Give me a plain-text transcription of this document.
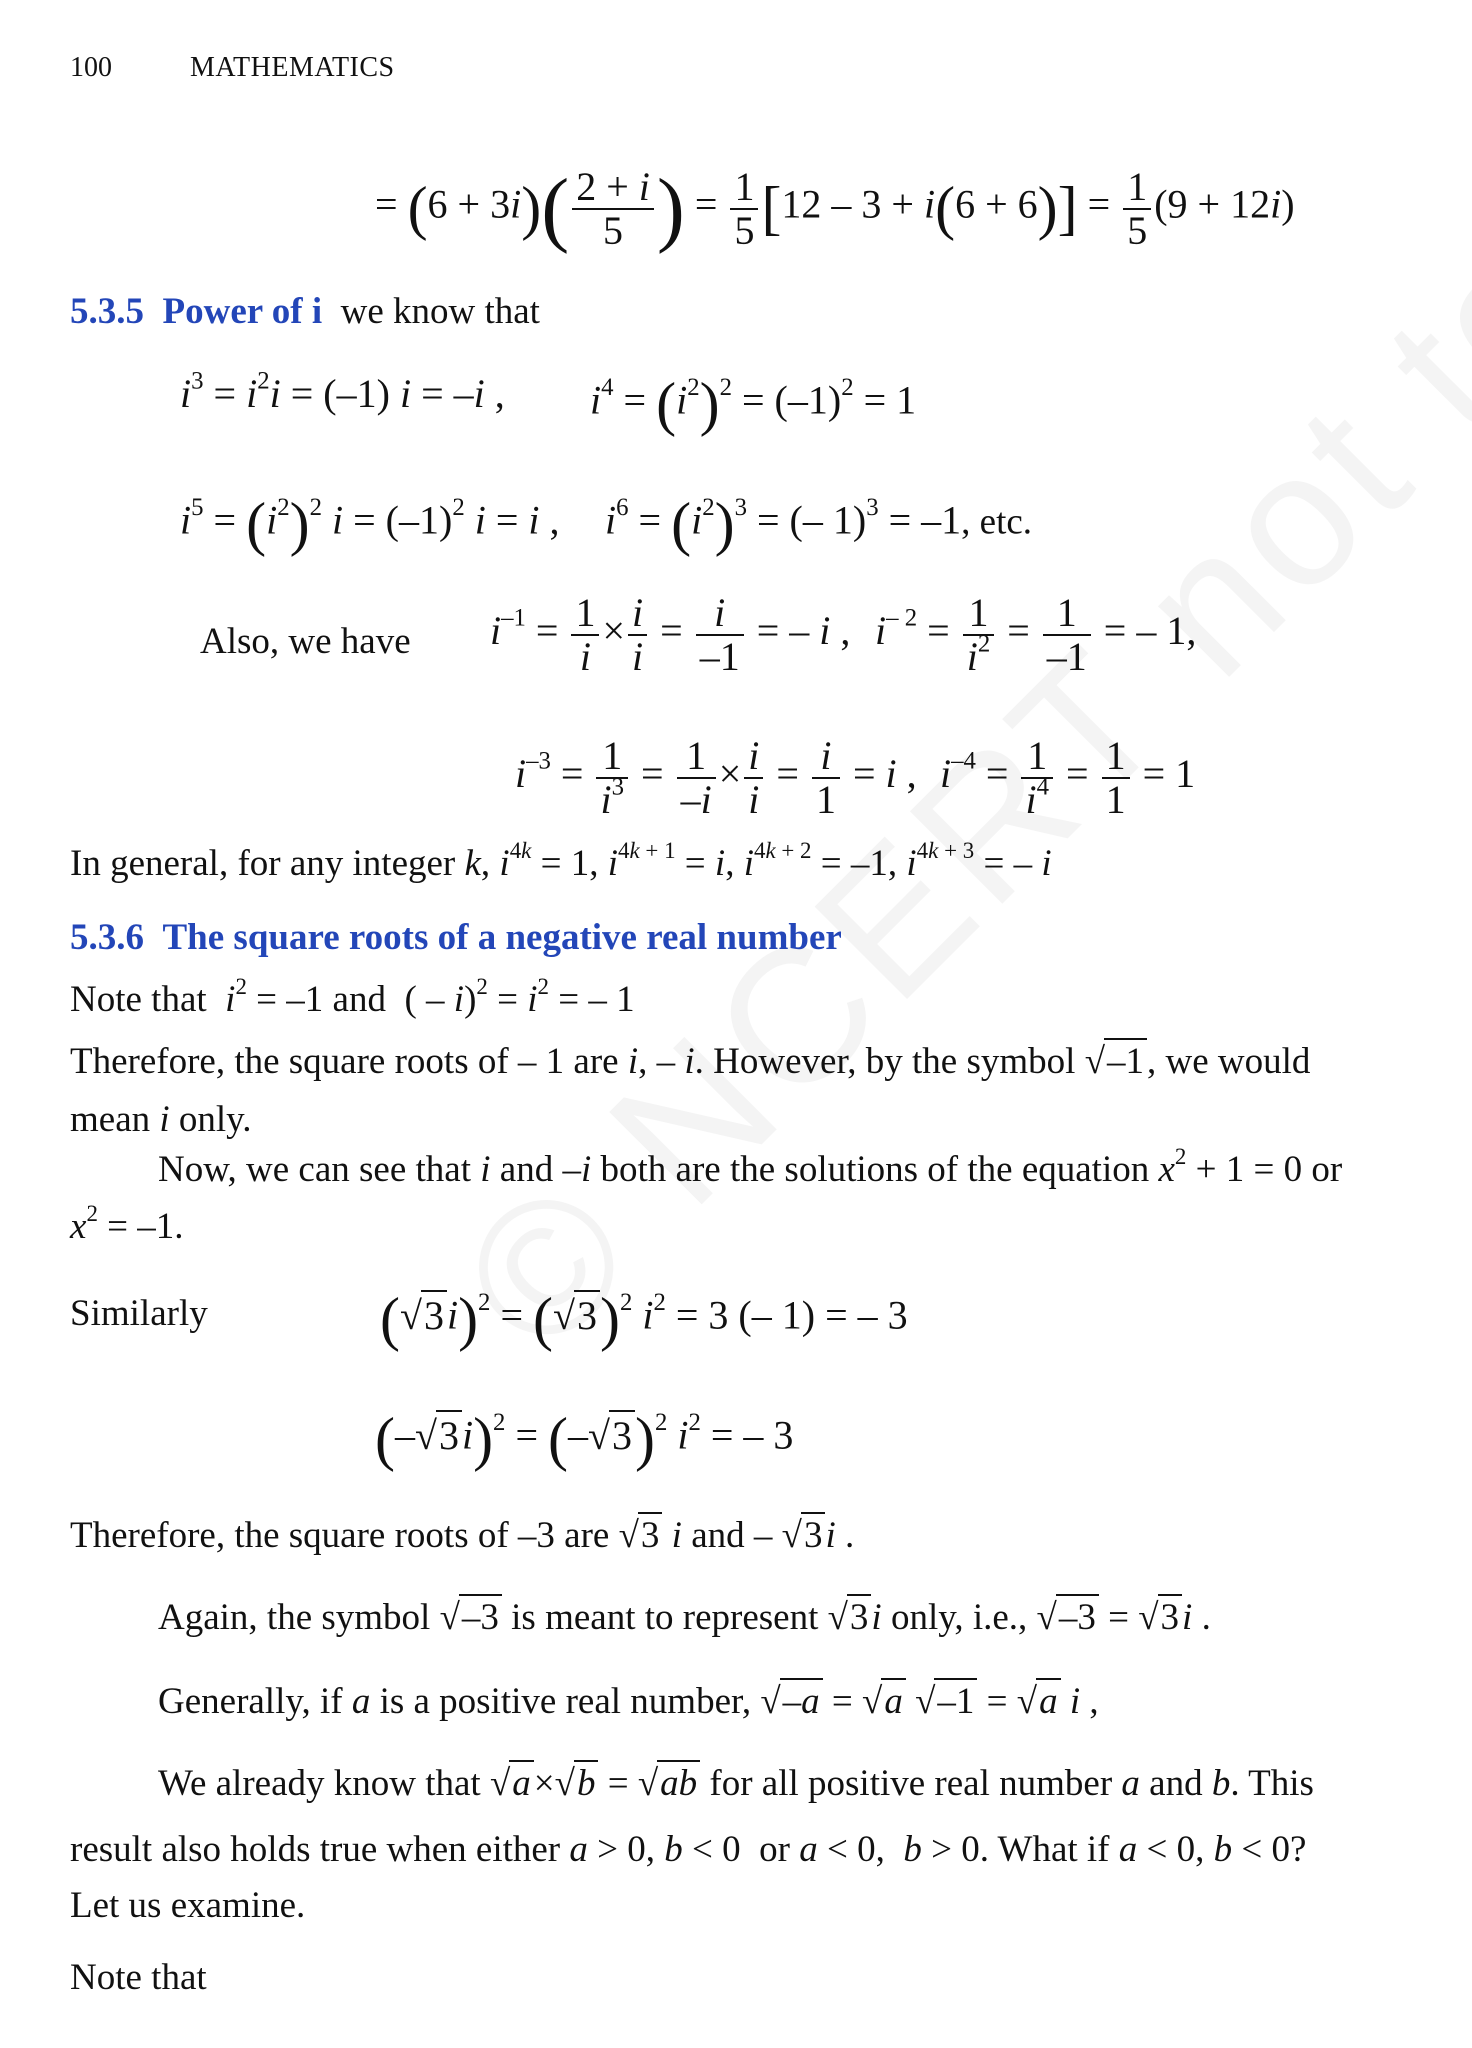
100	MATHEMATICS
= $(6 + 3i)( \frac{2 + i}{5}$ ) = $\frac{1}{5} [12 - 3 + i(6 + 6)] = \frac{1}{5} (9 + 12i)$
5.3.5 Power of i we know that
$i^3 = i^2i = (-1) i = -i$ , $i^4 = (i^2)^2 = (-1)^2 = 1$
$i^5 = (i^2)^2$ $i = (-1)^2$ i = i , $i^6 = (i^2)^3$ = (– 1)$^3$ = –1, etc.
Also, we have $i^{-1} = \frac{1}{i} \times \frac{i}{i} = \frac{i}{-1}$ = – i , $i^{- 2} = \frac{1}{i^2} = \frac{1}{-1}$ = – 1,
$i^{-3} = \frac{1}{i^3} = \frac{1}{-i} \times \frac{i}{i} = \frac{i}{1} = i$ , $i^{-4} = \frac{1}{i^4} = \frac{1}{1} = 1$
In general, for any integer k, $i^{4k} = 1$, $i^{4k + 1} = i$, $i^{4k + 2} = -1$, $i^{4k + 3}$ = – i
5.3.6 The square roots of a negative real number
Note that $i^2 = -1$ and  ( – $i)^2 = i^2$ = – 1
Therefore, the square roots of – 1 are i, – i. However, by the symbol √–1, we would
mean i only.
Now, we can see that i and –i both are the solutions of the equation $x^2 + 1 = 0$ or
$x^2 = -1$.
Similarly	$(√3i)^2 = (√3)^2$ $i^2 = 3$ (– 1) = – 3
$(-√3i)^2 = (-√3)^2$ $i^2$ = – 3
Therefore, the square roots of –3 are √3 i and – √3i .
Again, the symbol √–3 is meant to represent √3i only, i.e., √–3 = √3i .
Generally, if a is a positive real number, √–a = √a √–1 = √a i ,
We already know that √a×√b = √ab for all positive real number a and b. This
result also holds true when either a > 0, b < 0  or a < 0,  b > 0. What if a < 0, b < 0?
Let us examine.
Note that
